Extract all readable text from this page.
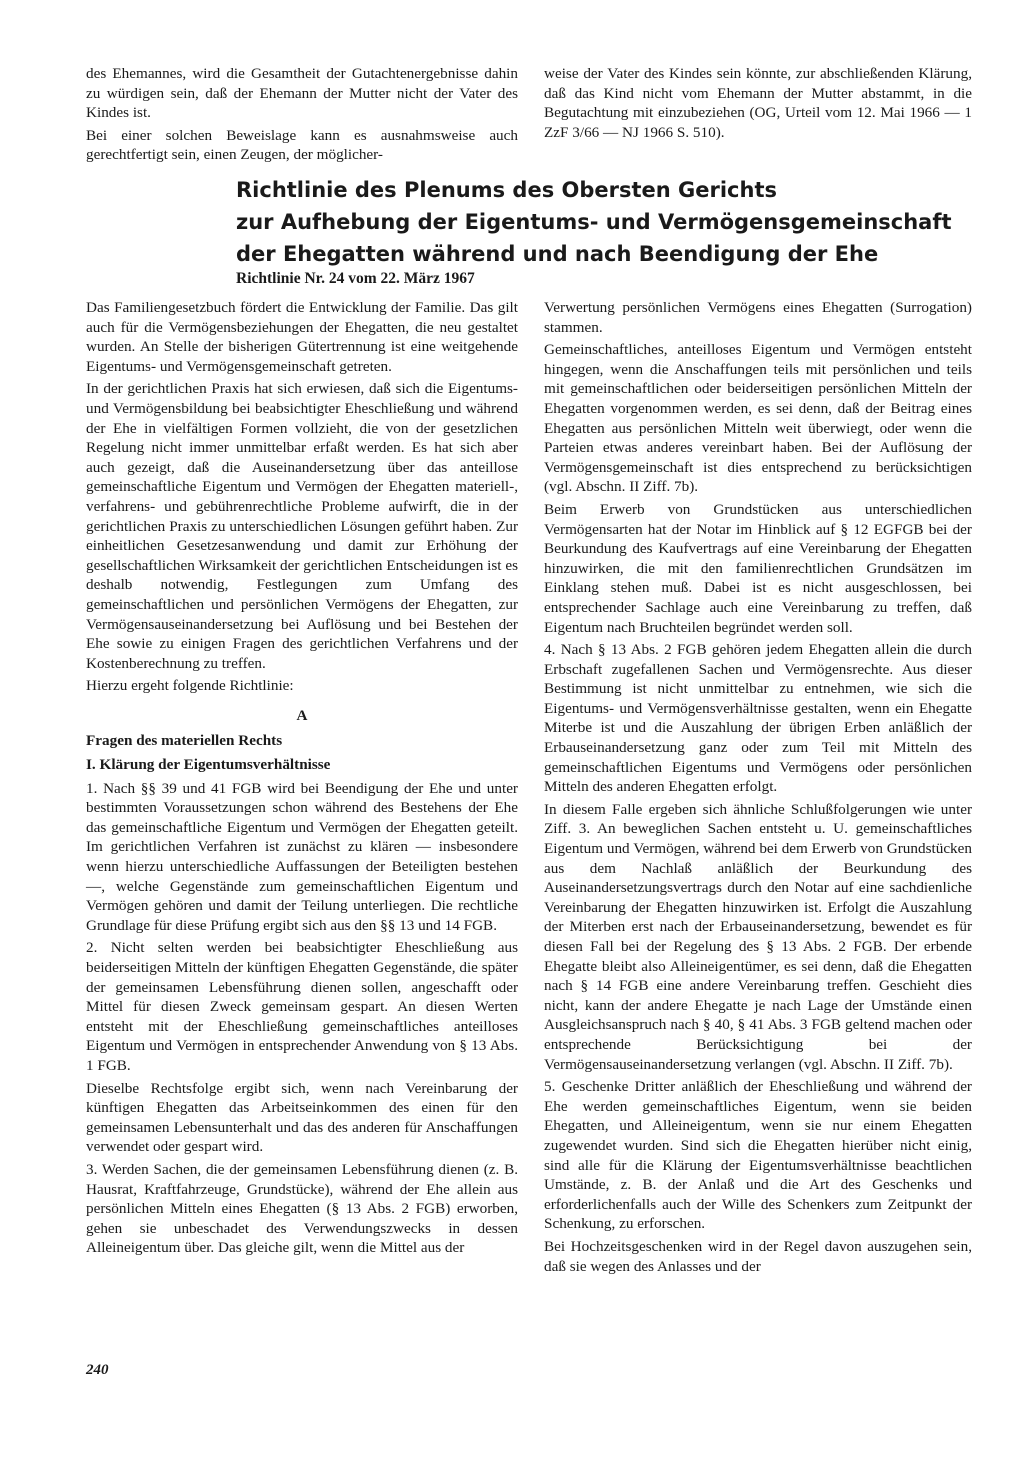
des Ehemannes, wird die Gesamtheit der Gutachtenergebnisse dahin zu würdigen sein, daß der Ehemann der Mutter nicht der Vater des Kindes ist.

Bei einer solchen Beweislage kann es ausnahmsweise auch gerechtfertigt sein, einen Zeugen, der möglicher-

weise der Vater des Kindes sein könnte, zur abschließenden Klärung, daß das Kind nicht vom Ehemann der Mutter abstammt, in die Begutachtung mit einzubeziehen (OG, Urteil vom 12. Mai 1966 — 1 ZzF 3/66 — NJ 1966 S. 510).

Richtlinie des Plenums des Obersten Gerichts
zur Aufhebung der Eigentums- und Vermögensgemeinschaft
der Ehegatten während und nach Beendigung der Ehe
Richtlinie Nr. 24 vom 22. März 1967

Das Familiengesetzbuch fördert die Entwicklung der Familie. Das gilt auch für die Vermögensbeziehungen der Ehegatten, die neu gestaltet wurden. An Stelle der bisherigen Gütertrennung ist eine weitgehende Eigentums- und Vermögensgemeinschaft getreten.

In der gerichtlichen Praxis hat sich erwiesen, daß sich die Eigentums- und Vermögensbildung bei beabsichtigter Eheschließung und während der Ehe in vielfältigen Formen vollzieht, die von der gesetzlichen Regelung nicht immer unmittelbar erfaßt werden. Es hat sich aber auch gezeigt, daß die Auseinandersetzung über das anteillose gemeinschaftliche Eigentum und Vermögen der Ehegatten materiell-, verfahrens- und gebührenrechtliche Probleme aufwirft, die in der gerichtlichen Praxis zu unterschiedlichen Lösungen geführt haben. Zur einheitlichen Gesetzesanwendung und damit zur Erhöhung der gesellschaftlichen Wirksamkeit der gerichtlichen Entscheidungen ist es deshalb notwendig, Festlegungen zum Umfang des gemeinschaftlichen und persönlichen Vermögens der Ehegatten, zur Vermögensauseinandersetzung bei Auflösung und bei Bestehen der Ehe sowie zu einigen Fragen des gerichtlichen Verfahrens und der Kostenberechnung zu treffen.

Hierzu ergeht folgende Richtlinie:

A

Fragen des materiellen Rechts

I. Klärung der Eigentumsverhältnisse

1. Nach §§ 39 und 41 FGB wird bei Beendigung der Ehe und unter bestimmten Voraussetzungen schon während des Bestehens der Ehe das gemeinschaftliche Eigentum und Vermögen der Ehegatten geteilt. Im gerichtlichen Verfahren ist zunächst zu klären — insbesondere wenn hierzu unterschiedliche Auffassungen der Beteiligten bestehen —, welche Gegenstände zum gemeinschaftlichen Eigentum und Vermögen gehören und damit der Teilung unterliegen. Die rechtliche Grundlage für diese Prüfung ergibt sich aus den §§ 13 und 14 FGB.

2. Nicht selten werden bei beabsichtigter Eheschließung aus beiderseitigen Mitteln der künftigen Ehegatten Gegenstände, die später der gemeinsamen Lebensführung dienen sollen, angeschafft oder Mittel für diesen Zweck gemeinsam gespart. An diesen Werten entsteht mit der Eheschließung gemeinschaftliches anteilloses Eigentum und Vermögen in entsprechender Anwendung von § 13 Abs. 1 FGB.

Dieselbe Rechtsfolge ergibt sich, wenn nach Vereinbarung der künftigen Ehegatten das Arbeitseinkommen des einen für den gemeinsamen Lebensunterhalt und das des anderen für Anschaffungen verwendet oder gespart wird.

3. Werden Sachen, die der gemeinsamen Lebensführung dienen (z. B. Hausrat, Kraftfahrzeuge, Grundstücke), während der Ehe allein aus persönlichen Mitteln eines Ehegatten (§ 13 Abs. 2 FGB) erworben, gehen sie unbeschadet des Verwendungszwecks in dessen Alleineigentum über. Das gleiche gilt, wenn die Mittel aus der

Verwertung persönlichen Vermögens eines Ehegatten (Surrogation) stammen.

Gemeinschaftliches, anteilloses Eigentum und Vermögen entsteht hingegen, wenn die Anschaffungen teils mit persönlichen und teils mit gemeinschaftlichen oder beiderseitigen persönlichen Mitteln der Ehegatten vorgenommen werden, es sei denn, daß der Beitrag eines Ehegatten aus persönlichen Mitteln weit überwiegt, oder wenn die Parteien etwas anderes vereinbart haben. Bei der Auflösung der Vermögensgemeinschaft ist dies entsprechend zu berücksichtigen (vgl. Abschn. II Ziff. 7b).

Beim Erwerb von Grundstücken aus unterschiedlichen Vermögensarten hat der Notar im Hinblick auf § 12 EGFGB bei der Beurkundung des Kaufvertrags auf eine Vereinbarung der Ehegatten hinzuwirken, die mit den familienrechtlichen Grundsätzen im Einklang stehen muß. Dabei ist es nicht ausgeschlossen, bei entsprechender Sachlage auch eine Vereinbarung zu treffen, daß Eigentum nach Bruchteilen begründet werden soll.

4. Nach § 13 Abs. 2 FGB gehören jedem Ehegatten allein die durch Erbschaft zugefallenen Sachen und Vermögensrechte. Aus dieser Bestimmung ist nicht unmittelbar zu entnehmen, wie sich die Eigentums- und Vermögensverhältnisse gestalten, wenn ein Ehegatte Miterbe ist und die Auszahlung der übrigen Erben anläßlich der Erbauseinandersetzung ganz oder zum Teil mit Mitteln des gemeinschaftlichen Eigentums und Vermögens oder persönlichen Mitteln des anderen Ehegatten erfolgt.

In diesem Falle ergeben sich ähnliche Schlußfolgerungen wie unter Ziff. 3. An beweglichen Sachen entsteht u. U. gemeinschaftliches Eigentum und Vermögen, während bei dem Erwerb von Grundstücken aus dem Nachlaß anläßlich der Beurkundung des Auseinandersetzungsvertrags durch den Notar auf eine sachdienliche Vereinbarung der Ehegatten hinzuwirken ist. Erfolgt die Auszahlung der Miterben erst nach der Erbauseinandersetzung, bewendet es für diesen Fall bei der Regelung des § 13 Abs. 2 FGB. Der erbende Ehegatte bleibt also Alleineigentümer, es sei denn, daß die Ehegatten nach § 14 FGB eine andere Vereinbarung treffen. Geschieht dies nicht, kann der andere Ehegatte je nach Lage der Umstände einen Ausgleichsanspruch nach § 40, § 41 Abs. 3 FGB geltend machen oder entsprechende Berücksichtigung bei der Vermögensauseinandersetzung verlangen (vgl. Abschn. II Ziff. 7b).

5. Geschenke Dritter anläßlich der Eheschließung und während der Ehe werden gemeinschaftliches Eigentum, wenn sie beiden Ehegatten, und Alleineigentum, wenn sie nur einem Ehegatten zugewendet wurden. Sind sich die Ehegatten hierüber nicht einig, sind alle für die Klärung der Eigentumsverhältnisse beachtlichen Umstände, z. B. der Anlaß und die Art des Geschenks und erforderlichenfalls auch der Wille des Schenkers zum Zeitpunkt der Schenkung, zu erforschen.

Bei Hochzeitsgeschenken wird in der Regel davon auszugehen sein, daß sie wegen des Anlasses und der

240
